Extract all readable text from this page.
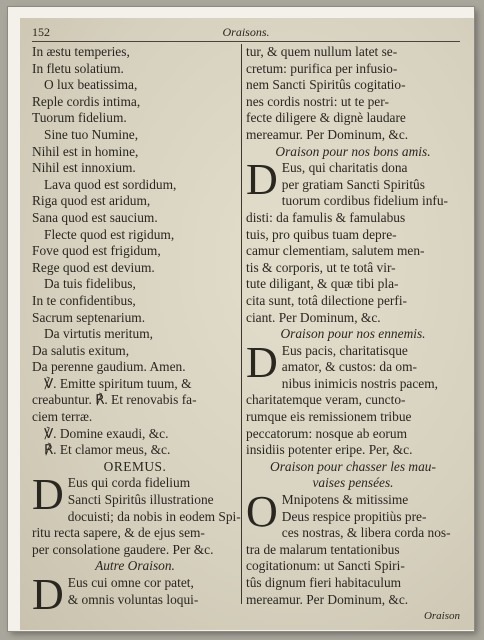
152	Oraisons.
In æstu temperies,
In fletu solatium.
O lux beatissima,
Reple cordis intima,
Tuorum fidelium.
Sine tuo Numine,
Nihil est in homine,
Nihil est innoxium.
Lava quod est sordidum,
Riga quod est aridum,
Sana quod est saucium.
Flecte quod est rigidum,
Fove quod est frigidum,
Rege quod est devium.
Da tuis fidelibus,
In te confidentibus,
Sacrum septenarium.
Da virtutis meritum,
Da salutis exitum,
Da perenne gaudium. Amen.
℣. Emitte spiritum tuum, &
creabuntur. ℟. Et renovabis fa-
ciem terræ.
℣. Domine exaudi, &c.
℟. Et clamor meus, &c.
OREMUS.
D Eus qui corda fidelium
Sancti Spiritûs illustratione
docuisti; da nobis in eodem Spi-
ritu recta sapere, & de ejus sem-
per consolatione gaudere. Per &c.
Autre Oraison.
D Eus cui omne cor patet,
& omnis voluntas loqui-
tur, & quem nullum latet se-
cretum: purifica per infusio-
nem Sancti Spiritûs cogitatio-
nes cordis nostri: ut te per-
fecte diligere & dignè laudare
mereamur. Per Dominum, &c.
Oraison pour nos bons amis.
D Eus, qui charitatis dona
per gratiam Sancti Spiritûs
tuorum cordibus fidelium infu-
disti: da famulis & famulabus
tuis, pro quibus tuam depre-
camur clementiam, salutem men-
tis & corporis, ut te totâ vir-
tute diligant, & quæ tibi pla-
cita sunt, totâ dilectione perfi-
ciant. Per Dominum, &c.
Oraison pour nos ennemis.
D Eus pacis, charitatisque
amator, & custos: da om-
nibus inimicis nostris pacem,
charitatemque veram, cuncto-
rumque eis remissionem tribue
peccatorum: nosque ab eorum
insidiis potenter eripe. Per, &c.
Oraison pour chasser les mau-
vaises pensées.
O Mnipotens & mitissime
Deus respice propitiùs pre-
ces nostras, & libera corda nos-
tra de malarum tentationibus
cogitationum: ut Sancti Spiri-
tûs dignum fieri habitaculum
mereamur. Per Dominum, &c.
Oraison
